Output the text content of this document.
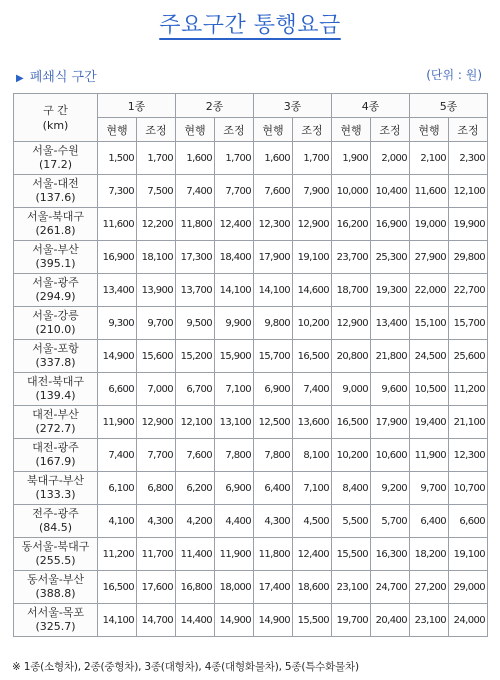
주요구간 통행요금
▶ 폐쇄식 구간	(단위 : 원)
구 간
(km)	1종		2종		3종		4종		5종	
	현행	조정	현행	조정	현행	조정	현행	조정	현행	조정

서울-수원
(17.2)	1,500	1,700	1,600	1,700	1,600	1,700	1,900	2,000	2,100	2,300

서울-대전
(137.6)	7,300	7,500	7,400	7,700	7,600	7,900	10,000	10,400	11,600	12,100

서울-북대구
(261.8)	11,600	12,200	11,800	12,400	12,300	12,900	16,200	16,900	19,000	19,900

서울-부산
(395.1)	16,900	18,100	17,300	18,400	17,900	19,100	23,700	25,300	27,900	29,800

서울-광주
(294.9)	13,400	13,900	13,700	14,100	14,100	14,600	18,700	19,300	22,000	22,700

서울-강릉
(210.0)	9,300	9,700	9,500	9,900	9,800	10,200	12,900	13,400	15,100	15,700

서울-포항
(337.8)	14,900	15,600	15,200	15,900	15,700	16,500	20,800	21,800	24,500	25,600

대전-북대구
(139.4)	6,600	7,000	6,700	7,100	6,900	7,400	9,000	9,600	10,500	11,200

대전-부산
(272.7)	11,900	12,900	12,100	13,100	12,500	13,600	16,500	17,900	19,400	21,100

대전-광주
(167.9)	7,400	7,700	7,600	7,800	7,800	8,100	10,200	10,600	11,900	12,300

북대구-부산
(133.3)	6,100	6,800	6,200	6,900	6,400	7,100	8,400	9,200	9,700	10,700

전주-광주
(84.5)	4,100	4,300	4,200	4,400	4,300	4,500	5,500	5,700	6,400	6,600

동서울-북대구
(255.5)	11,200	11,700	11,400	11,900	11,800	12,400	15,500	16,300	18,200	19,100

동서울-부산
(388.8)	16,500	17,600	16,800	18,000	17,400	18,600	23,100	24,700	27,200	29,000

서서울-목포
(325.7)	14,100	14,700	14,400	14,900	14,900	15,500	19,700	20,400	23,100	24,000
※ 1종(소형차), 2종(중형차), 3종(대형차), 4종(대형화물차), 5종(특수화물차)
